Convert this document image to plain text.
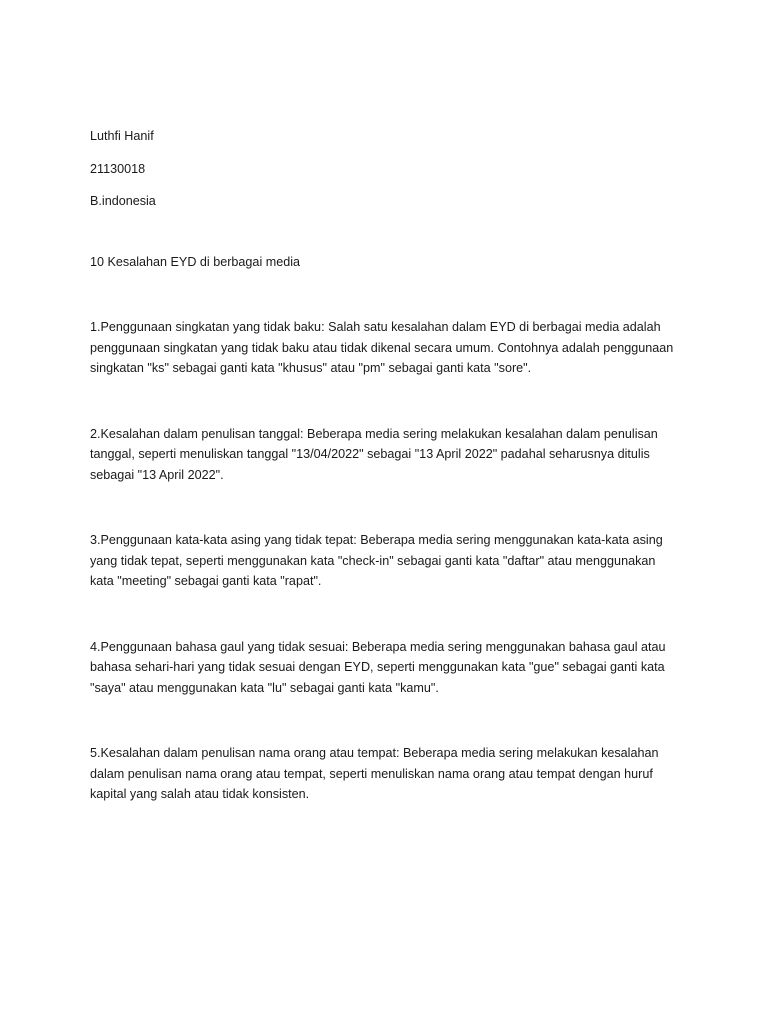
Luthfi Hanif

21130018

B.indonesia

10 Kesalahan EYD di berbagai media

1.Penggunaan singkatan yang tidak baku: Salah satu kesalahan dalam EYD di berbagai media adalah

penggunaan singkatan yang tidak baku atau tidak dikenal secara umum. Contohnya adalah penggunaan

singkatan "ks" sebagai ganti kata "khusus" atau "pm" sebagai ganti kata "sore".

2.Kesalahan dalam penulisan tanggal: Beberapa media sering melakukan kesalahan dalam penulisan

tanggal, seperti menuliskan tanggal "13/04/2022" sebagai "13 April 2022" padahal seharusnya ditulis

sebagai "13 April 2022".

3.Penggunaan kata-kata asing yang tidak tepat: Beberapa media sering menggunakan kata-kata asing

yang tidak tepat, seperti menggunakan kata "check-in" sebagai ganti kata "daftar" atau menggunakan

kata "meeting" sebagai ganti kata "rapat".

4.Penggunaan bahasa gaul yang tidak sesuai: Beberapa media sering menggunakan bahasa gaul atau

bahasa sehari-hari yang tidak sesuai dengan EYD, seperti menggunakan kata "gue" sebagai ganti kata

"saya" atau menggunakan kata "lu" sebagai ganti kata "kamu".

5.Kesalahan dalam penulisan nama orang atau tempat: Beberapa media sering melakukan kesalahan

dalam penulisan nama orang atau tempat, seperti menuliskan nama orang atau tempat dengan huruf

kapital yang salah atau tidak konsisten.
